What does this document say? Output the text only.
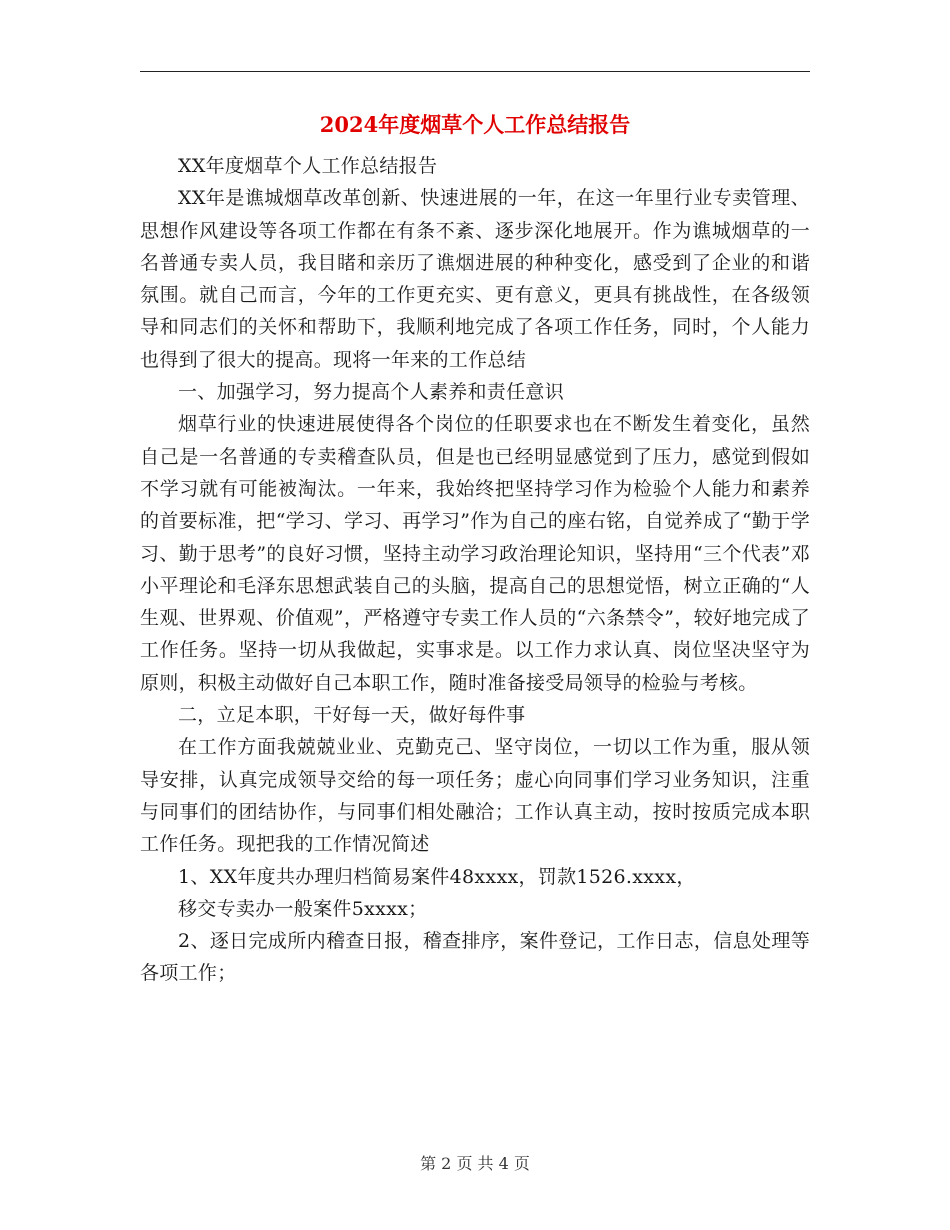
2024年度烟草个人工作总结报告

XX年度烟草个人工作总结报告

XX年是谯城烟草改革创新、快速进展的一年，在这一年里行业专卖管理、思想作风建设等各项工作都在有条不紊、逐步深化地展开。作为谯城烟草的一名普通专卖人员，我目睹和亲历了谯烟进展的种种变化，感受到了企业的和谐氛围。就自己而言，今年的工作更充实、更有意义，更具有挑战性，在各级领导和同志们的关怀和帮助下，我顺利地完成了各项工作任务，同时，个人能力也得到了很大的提高。现将一年来的工作总结

一、加强学习，努力提高个人素养和责任意识

烟草行业的快速进展使得各个岗位的任职要求也在不断发生着变化，虽然自己是一名普通的专卖稽查队员，但是也已经明显感觉到了压力，感觉到假如不学习就有可能被淘汰。一年来，我始终把坚持学习作为检验个人能力和素养的首要标准，把“学习、学习、再学习”作为自己的座右铭，自觉养成了“勤于学习、勤于思考”的良好习惯，坚持主动学习政治理论知识，坚持用“三个代表”邓小平理论和毛泽东思想武装自己的头脑，提高自己的思想觉悟，树立正确的“人生观、世界观、价值观”，严格遵守专卖工作人员的“六条禁令”，较好地完成了工作任务。坚持一切从我做起，实事求是。以工作力求认真、岗位坚决坚守为原则，积极主动做好自己本职工作，随时准备接受局领导的检验与考核。

二，立足本职，干好每一天，做好每件事

在工作方面我兢兢业业、克勤克己、坚守岗位，一切以工作为重，服从领导安排，认真完成领导交给的每一项任务；虚心向同事们学习业务知识，注重与同事们的团结协作，与同事们相处融洽；工作认真主动，按时按质完成本职工作任务。现把我的工作情况简述

1、XX年度共办理归档简易案件48xxxx，罚款1526.xxxx，

移交专卖办一般案件5xxxx；

2、逐日完成所内稽查日报，稽查排序，案件登记，工作日志，信息处理等各项工作；

第 2 页 共 4 页
